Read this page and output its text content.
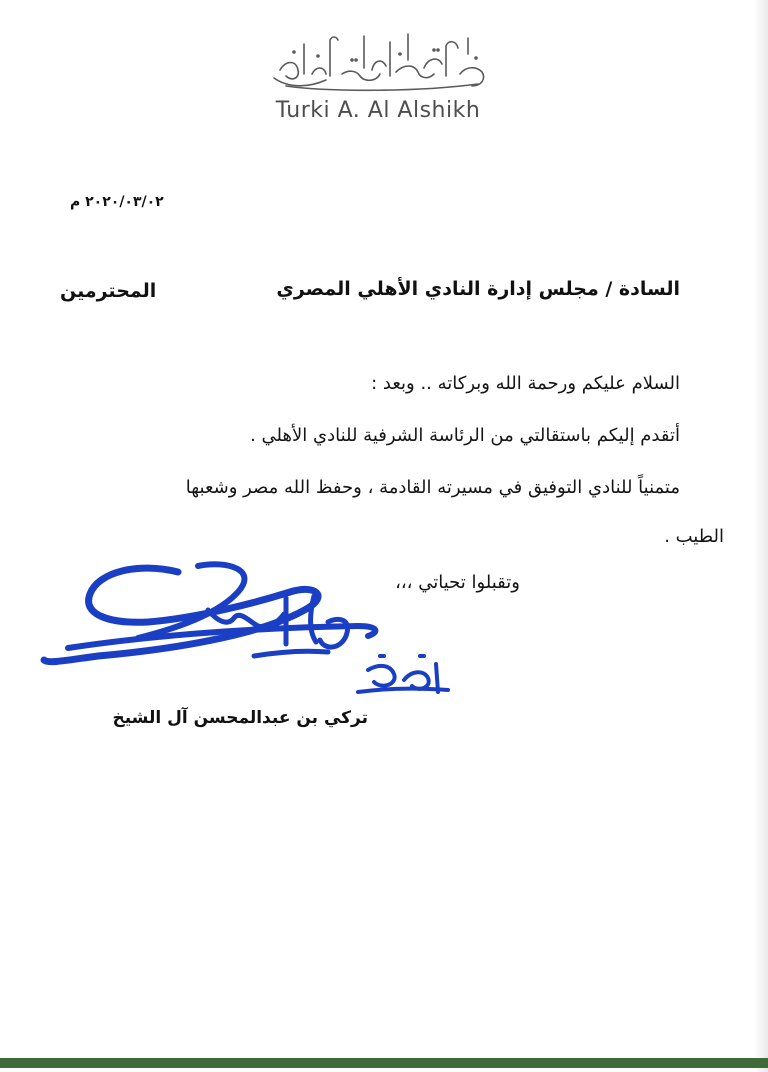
Turki A. Al Alshikh
٢٠٢٠/٠٣/٠٢ م
السادة / مجلس إدارة النادي الأهلي المصري
المحترمين
السلام عليكم ورحمة الله وبركاته .. وبعد :
أتقدم إليكم باستقالتي من الرئاسة الشرفية للنادي الأهلي .
متمنياً للنادي التوفيق في مسيرته القادمة ، وحفظ الله مصر وشعبها
الطيب .
وتقبلوا تحياتي ،،،
تركي بن عبدالمحسن آل الشيخ
